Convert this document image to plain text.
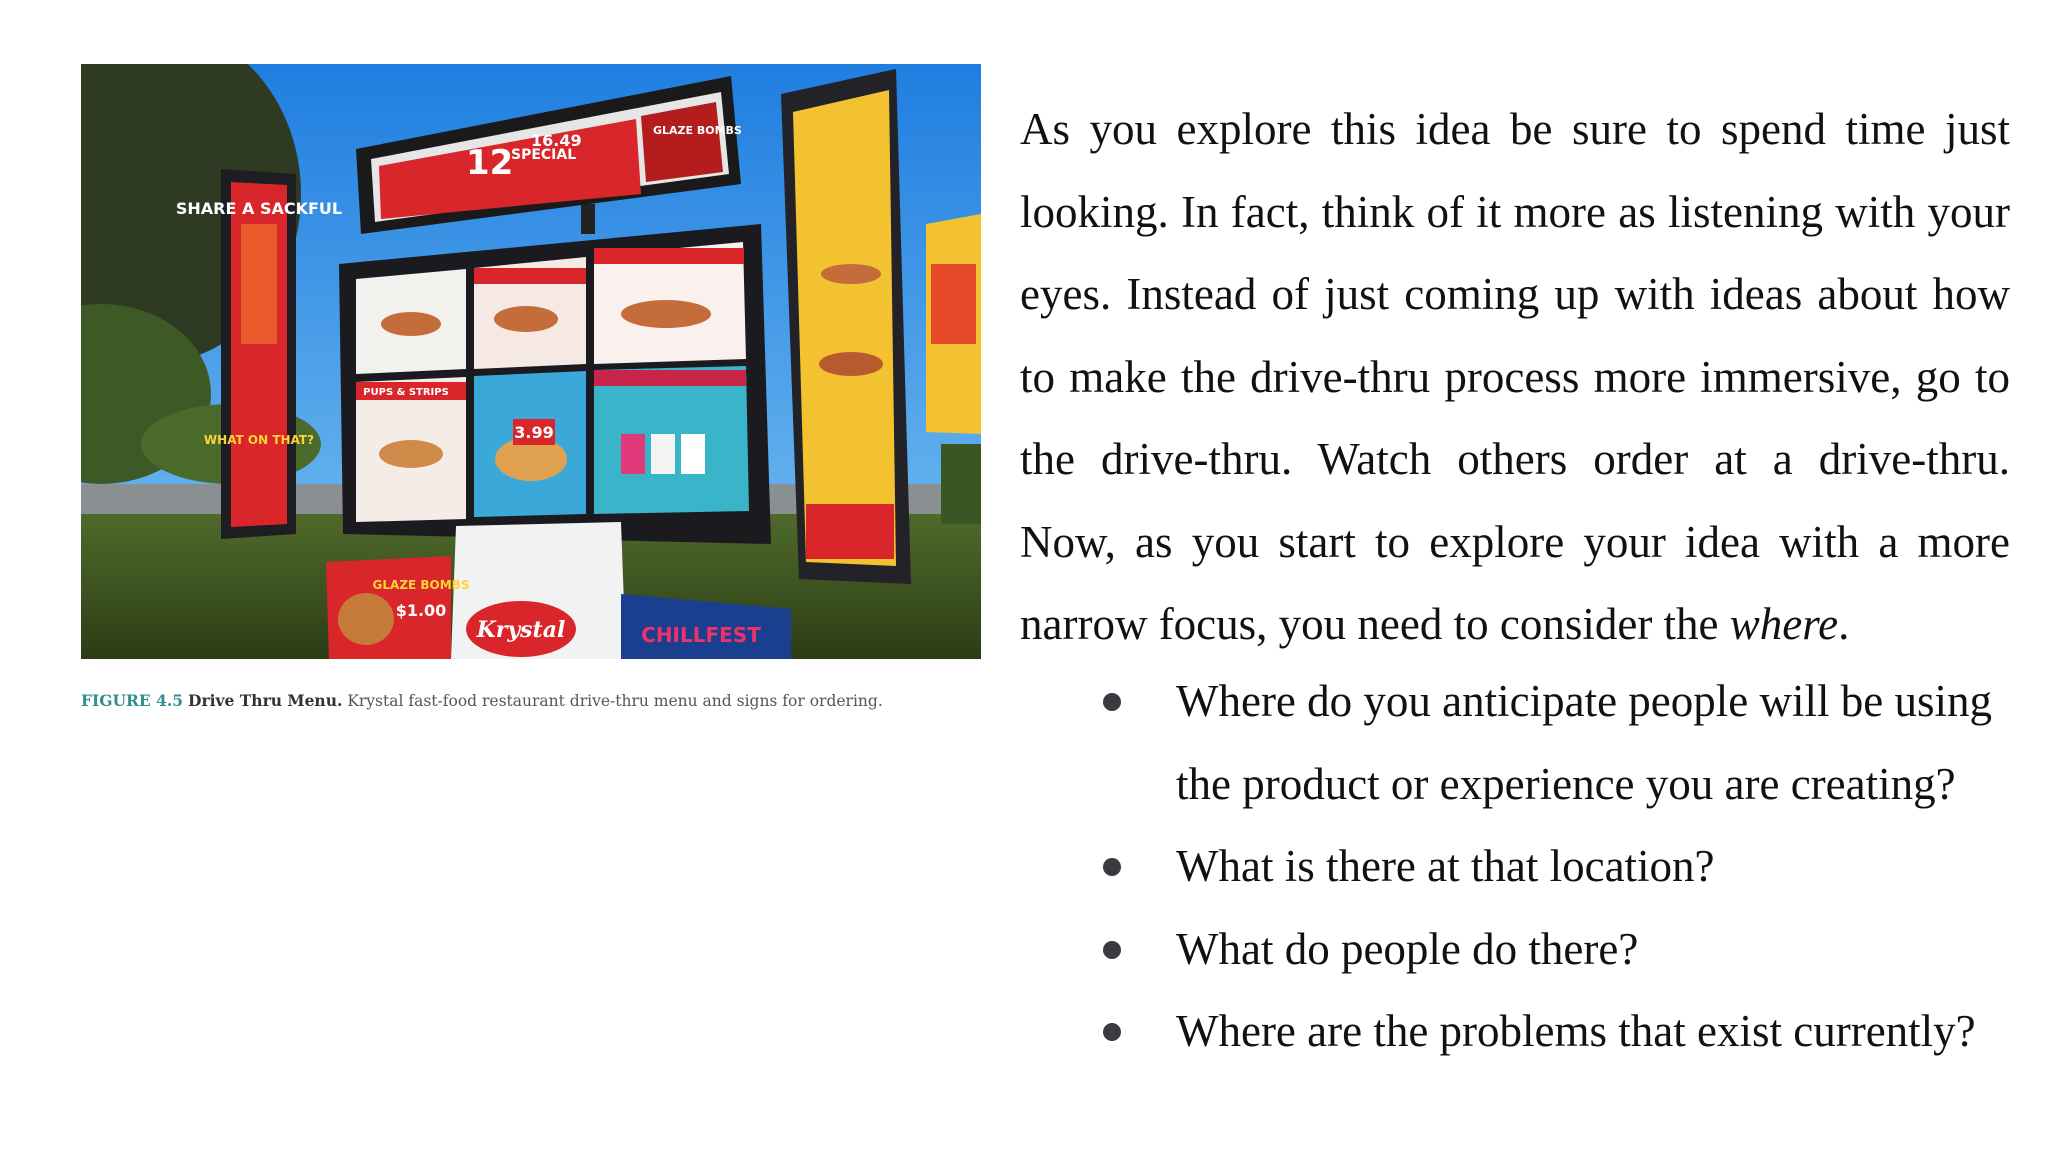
SHARE A SACKFUL
WHAT ON THAT?
12
SPECIAL
16.49
GLAZE BOMBS
PUPS & STRIPS
3.99
GLAZE BOMBS
$1.00
Krystal	CHILLFEST
FIGURE 4.5 Drive Thru Menu. Krystal fast-food restaurant drive-thru menu and signs for ordering.

As you explore this idea be sure to spend time just looking. In fact, think of it more as listening with your eyes. Instead of just coming up with ideas about how to make the drive-thru process more immersive, go to the drive-thru. Watch others order at a drive-thru. Now, as you start to explore your idea with a more narrow focus, you need to consider the where.

Where do you anticipate people will be using the product or experience you are creating?
What is there at that location?
What do people do there?
Where are the problems that exist currently?
